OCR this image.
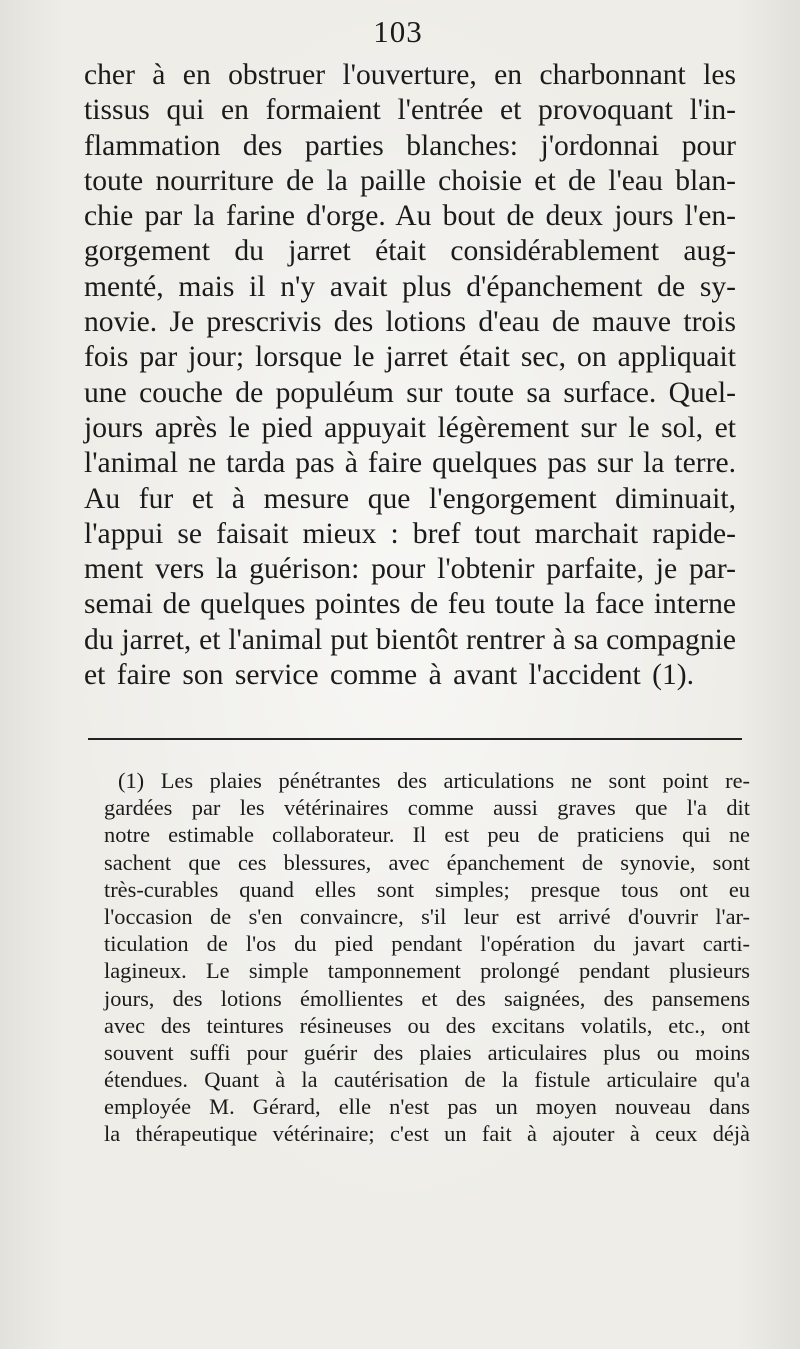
103
cher à en obstruer l'ouverture, en charbonnant les
tissus qui en formaient l'entrée et provoquant l'in-
flammation des parties blanches: j'ordonnai pour
toute nourriture de la paille choisie et de l'eau blan-
chie par la farine d'orge. Au bout de deux jours l'en-
gorgement du jarret était considérablement aug-
menté, mais il n'y avait plus d'épanchement de sy-
novie. Je prescrivis des lotions d'eau de mauve trois
fois par jour; lorsque le jarret était sec, on appliquait
une couche de populéum sur toute sa surface. Quel-
jours après le pied appuyait légèrement sur le sol, et
l'animal ne tarda pas à faire quelques pas sur la terre.
Au fur et à mesure que l'engorgement diminuait,
l'appui se faisait mieux : bref tout marchait rapide-
ment vers la guérison: pour l'obtenir parfaite, je par-
semai de quelques pointes de feu toute la face interne
du jarret, et l'animal put bientôt rentrer à sa compagnie
et faire son service comme à avant l'accident (1).
(1) Les plaies pénétrantes des articulations ne sont point re-
gardées par les vétérinaires comme aussi graves que l'a dit
notre estimable collaborateur. Il est peu de praticiens qui ne
sachent que ces blessures, avec épanchement de synovie, sont
très-curables quand elles sont simples; presque tous ont eu
l'occasion de s'en convaincre, s'il leur est arrivé d'ouvrir l'ar-
ticulation de l'os du pied pendant l'opération du javart carti-
lagineux. Le simple tamponnement prolongé pendant plusieurs
jours, des lotions émollientes et des saignées, des pansemens
avec des teintures résineuses ou des excitans volatils, etc., ont
souvent suffi pour guérir des plaies articulaires plus ou moins
étendues. Quant à la cautérisation de la fistule articulaire qu'a
employée M. Gérard, elle n'est pas un moyen nouveau dans
la thérapeutique vétérinaire; c'est un fait à ajouter à ceux déjà
